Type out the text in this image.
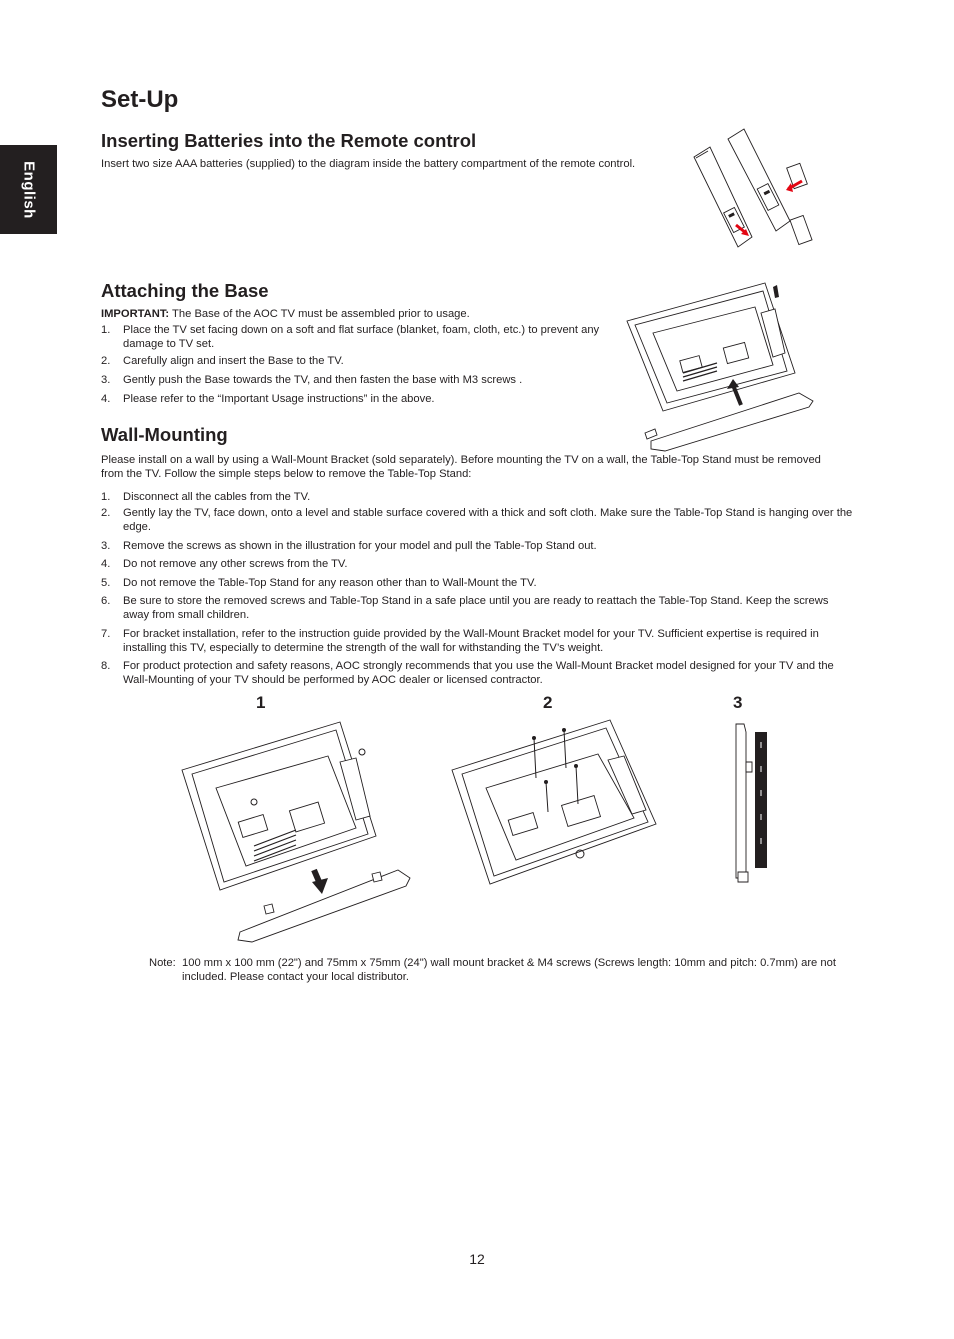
English
Set-Up
Inserting Batteries into the Remote control

Insert two size AAA batteries (supplied) to the diagram inside the battery compartment of the remote control.

Attaching the Base

IMPORTANT: The Base of the AOC TV must be assembled prior to usage.

1. Place the TV set facing down on a soft and flat surface (blanket, foam, cloth, etc.) to prevent any damage to TV set.
2. Carefully align and insert the Base to the TV.
3. Gently push the Base towards the TV, and then fasten the base with M3 screws .
4. Please refer to the “Important Usage instructions” in the above.
Wall-Mounting

Please install on a wall by using a Wall-Mount Bracket (sold separately). Before mounting the TV on a wall, the Table-Top Stand must be removed from the TV. Follow the simple steps below to remove the Table-Top Stand:

1. Disconnect all the cables from the TV.
2. Gently lay the TV, face down, onto a level and stable surface covered with a thick and soft cloth. Make sure the Table-Top Stand is hanging over the edge.
3. Remove the screws as shown in the illustration for your model and pull the Table-Top Stand out.
4. Do not remove any other screws from the TV.
5. Do not remove the Table-Top Stand for any reason other than to Wall-Mount the TV.
6. Be sure to store the removed screws and Table-Top Stand in a safe place until you are ready to reattach the Table-Top Stand. Keep the screws away from small children.
7. For bracket installation, refer to the instruction guide provided by the Wall-Mount Bracket model for your TV. Sufficient expertise is required in installing this TV, especially to determine the strength of the wall for withstanding the TV’s weight.
8. For product protection and safety reasons, AOC strongly recommends that you use the Wall-Mount Bracket model designed for your TV and the Wall-Mounting of your TV should be performed by AOC dealer or licensed contractor.
1	2	3
Note: 100 mm x 100 mm (22") and 75mm x 75mm (24") wall mount bracket & M4 screws (Screws length: 10mm and pitch: 0.7mm) are not included. Please contact your local distributor.
12
